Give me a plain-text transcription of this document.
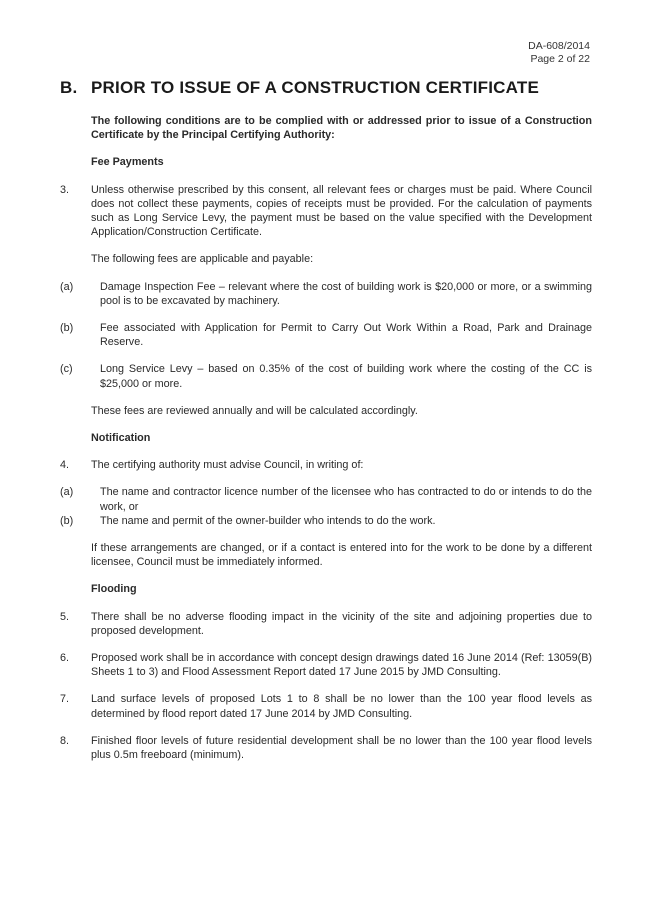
DA-608/2014
Page 2 of 22
B. PRIOR TO ISSUE OF A CONSTRUCTION CERTIFICATE

The following conditions are to be complied with or addressed prior to issue of a Construction Certificate by the Principal Certifying Authority:

Fee Payments
3.	Unless otherwise prescribed by this consent, all relevant fees or charges must be paid. Where Council does not collect these payments, copies of receipts must be provided. For the calculation of payments such as Long Service Levy, the payment must be based on the value specified with the Development Application/Construction Certificate.

The following fees are applicable and payable:

(a)	Damage Inspection Fee – relevant where the cost of building work is $20,000 or more, or a swimming pool is to be excavated by machinery.
(b)	Fee associated with Application for Permit to Carry Out Work Within a Road, Park and Drainage Reserve.
(c)	Long Service Levy – based on 0.35% of the cost of building work where the costing of the CC is $25,000 or more.

These fees are reviewed annually and will be calculated accordingly.

Notification
4.	The certifying authority must advise Council, in writing of:

(a)	The name and contractor licence number of the licensee who has contracted to do or intends to do the work, or
(b)	The name and permit of the owner-builder who intends to do the work.

If these arrangements are changed, or if a contact is entered into for the work to be done by a different licensee, Council must be immediately informed.

Flooding
5.	There shall be no adverse flooding impact in the vicinity of the site and adjoining properties due to proposed development.

6.	Proposed work shall be in accordance with concept design drawings dated 16 June 2014 (Ref: 13059(B) Sheets 1 to 3) and Flood Assessment Report dated 17 June 2015 by JMD Consulting.

7.	Land surface levels of proposed Lots 1 to 8 shall be no lower than the 100 year flood levels as determined by flood report dated 17 June 2014 by JMD Consulting.

8.	Finished floor levels of future residential development shall be no lower than the 100 year flood levels plus 0.5m freeboard (minimum).
